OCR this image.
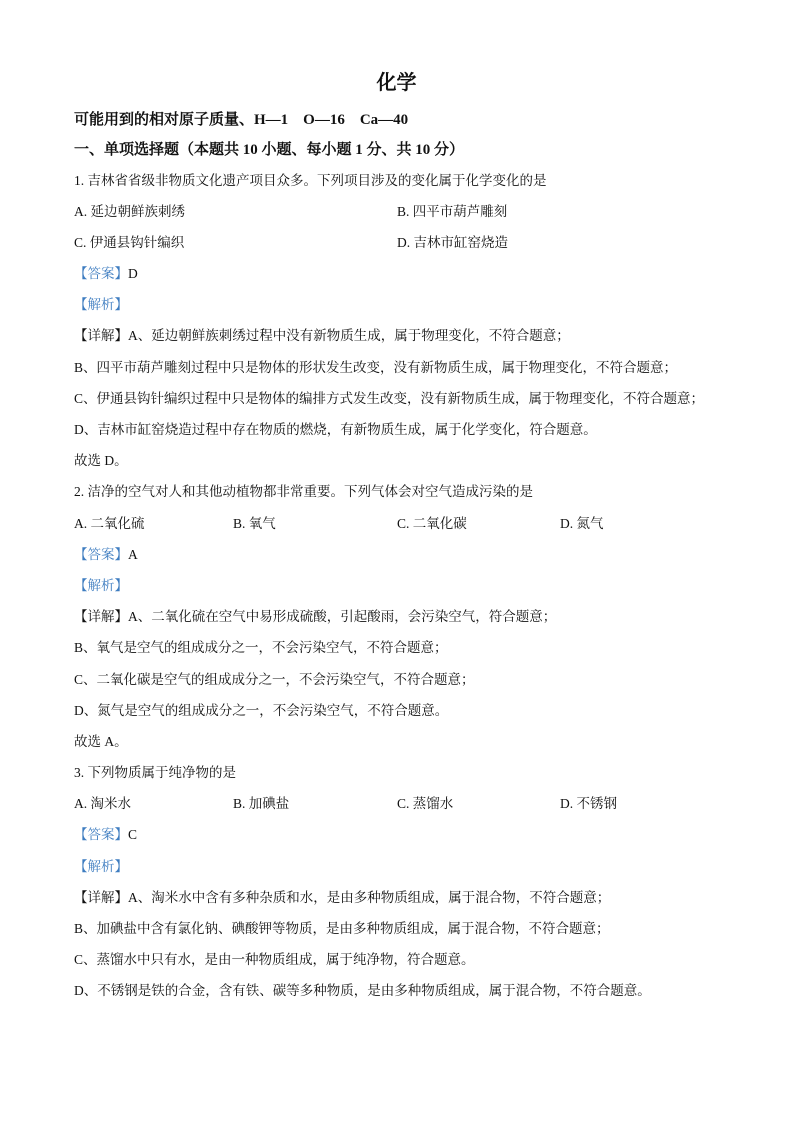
化学
可能用到的相对原子质量、H—1　O—16　Ca—40
一、单项选择题（本题共 10 小题、每小题 1 分、共 10 分）
1. 吉林省省级非物质文化遗产项目众多。下列项目涉及的变化属于化学变化的是
A. 延边朝鲜族刺绣	B. 四平市葫芦雕刻
C. 伊通县钩针编织	D. 吉林市缸窑烧造
【答案】D
【解析】
【详解】A、延边朝鲜族刺绣过程中没有新物质生成，属于物理变化，不符合题意；
B、四平市葫芦雕刻过程中只是物体的形状发生改变，没有新物质生成，属于物理变化，不符合题意；
C、伊通县钩针编织过程中只是物体的编排方式发生改变，没有新物质生成，属于物理变化，不符合题意；
D、吉林市缸窑烧造过程中存在物质的燃烧，有新物质生成，属于化学变化，符合题意。
故选 D。
2. 洁净的空气对人和其他动植物都非常重要。下列气体会对空气造成污染的是
A. 二氧化硫	B. 氧气	C. 二氧化碳	D. 氮气
【答案】A
【解析】
【详解】A、二氧化硫在空气中易形成硫酸，引起酸雨，会污染空气，符合题意；
B、氧气是空气的组成成分之一，不会污染空气，不符合题意；
C、二氧化碳是空气的组成成分之一，不会污染空气，不符合题意；
D、氮气是空气的组成成分之一，不会污染空气，不符合题意。
故选 A。
3. 下列物质属于纯净物的是
A. 淘米水	B. 加碘盐	C. 蒸馏水	D. 不锈钢
【答案】C
【解析】
【详解】A、淘米水中含有多种杂质和水，是由多种物质组成，属于混合物，不符合题意；
B、加碘盐中含有氯化钠、碘酸钾等物质，是由多种物质组成，属于混合物，不符合题意；
C、蒸馏水中只有水，是由一种物质组成，属于纯净物，符合题意。
D、不锈钢是铁的合金，含有铁、碳等多种物质，是由多种物质组成，属于混合物，不符合题意。
